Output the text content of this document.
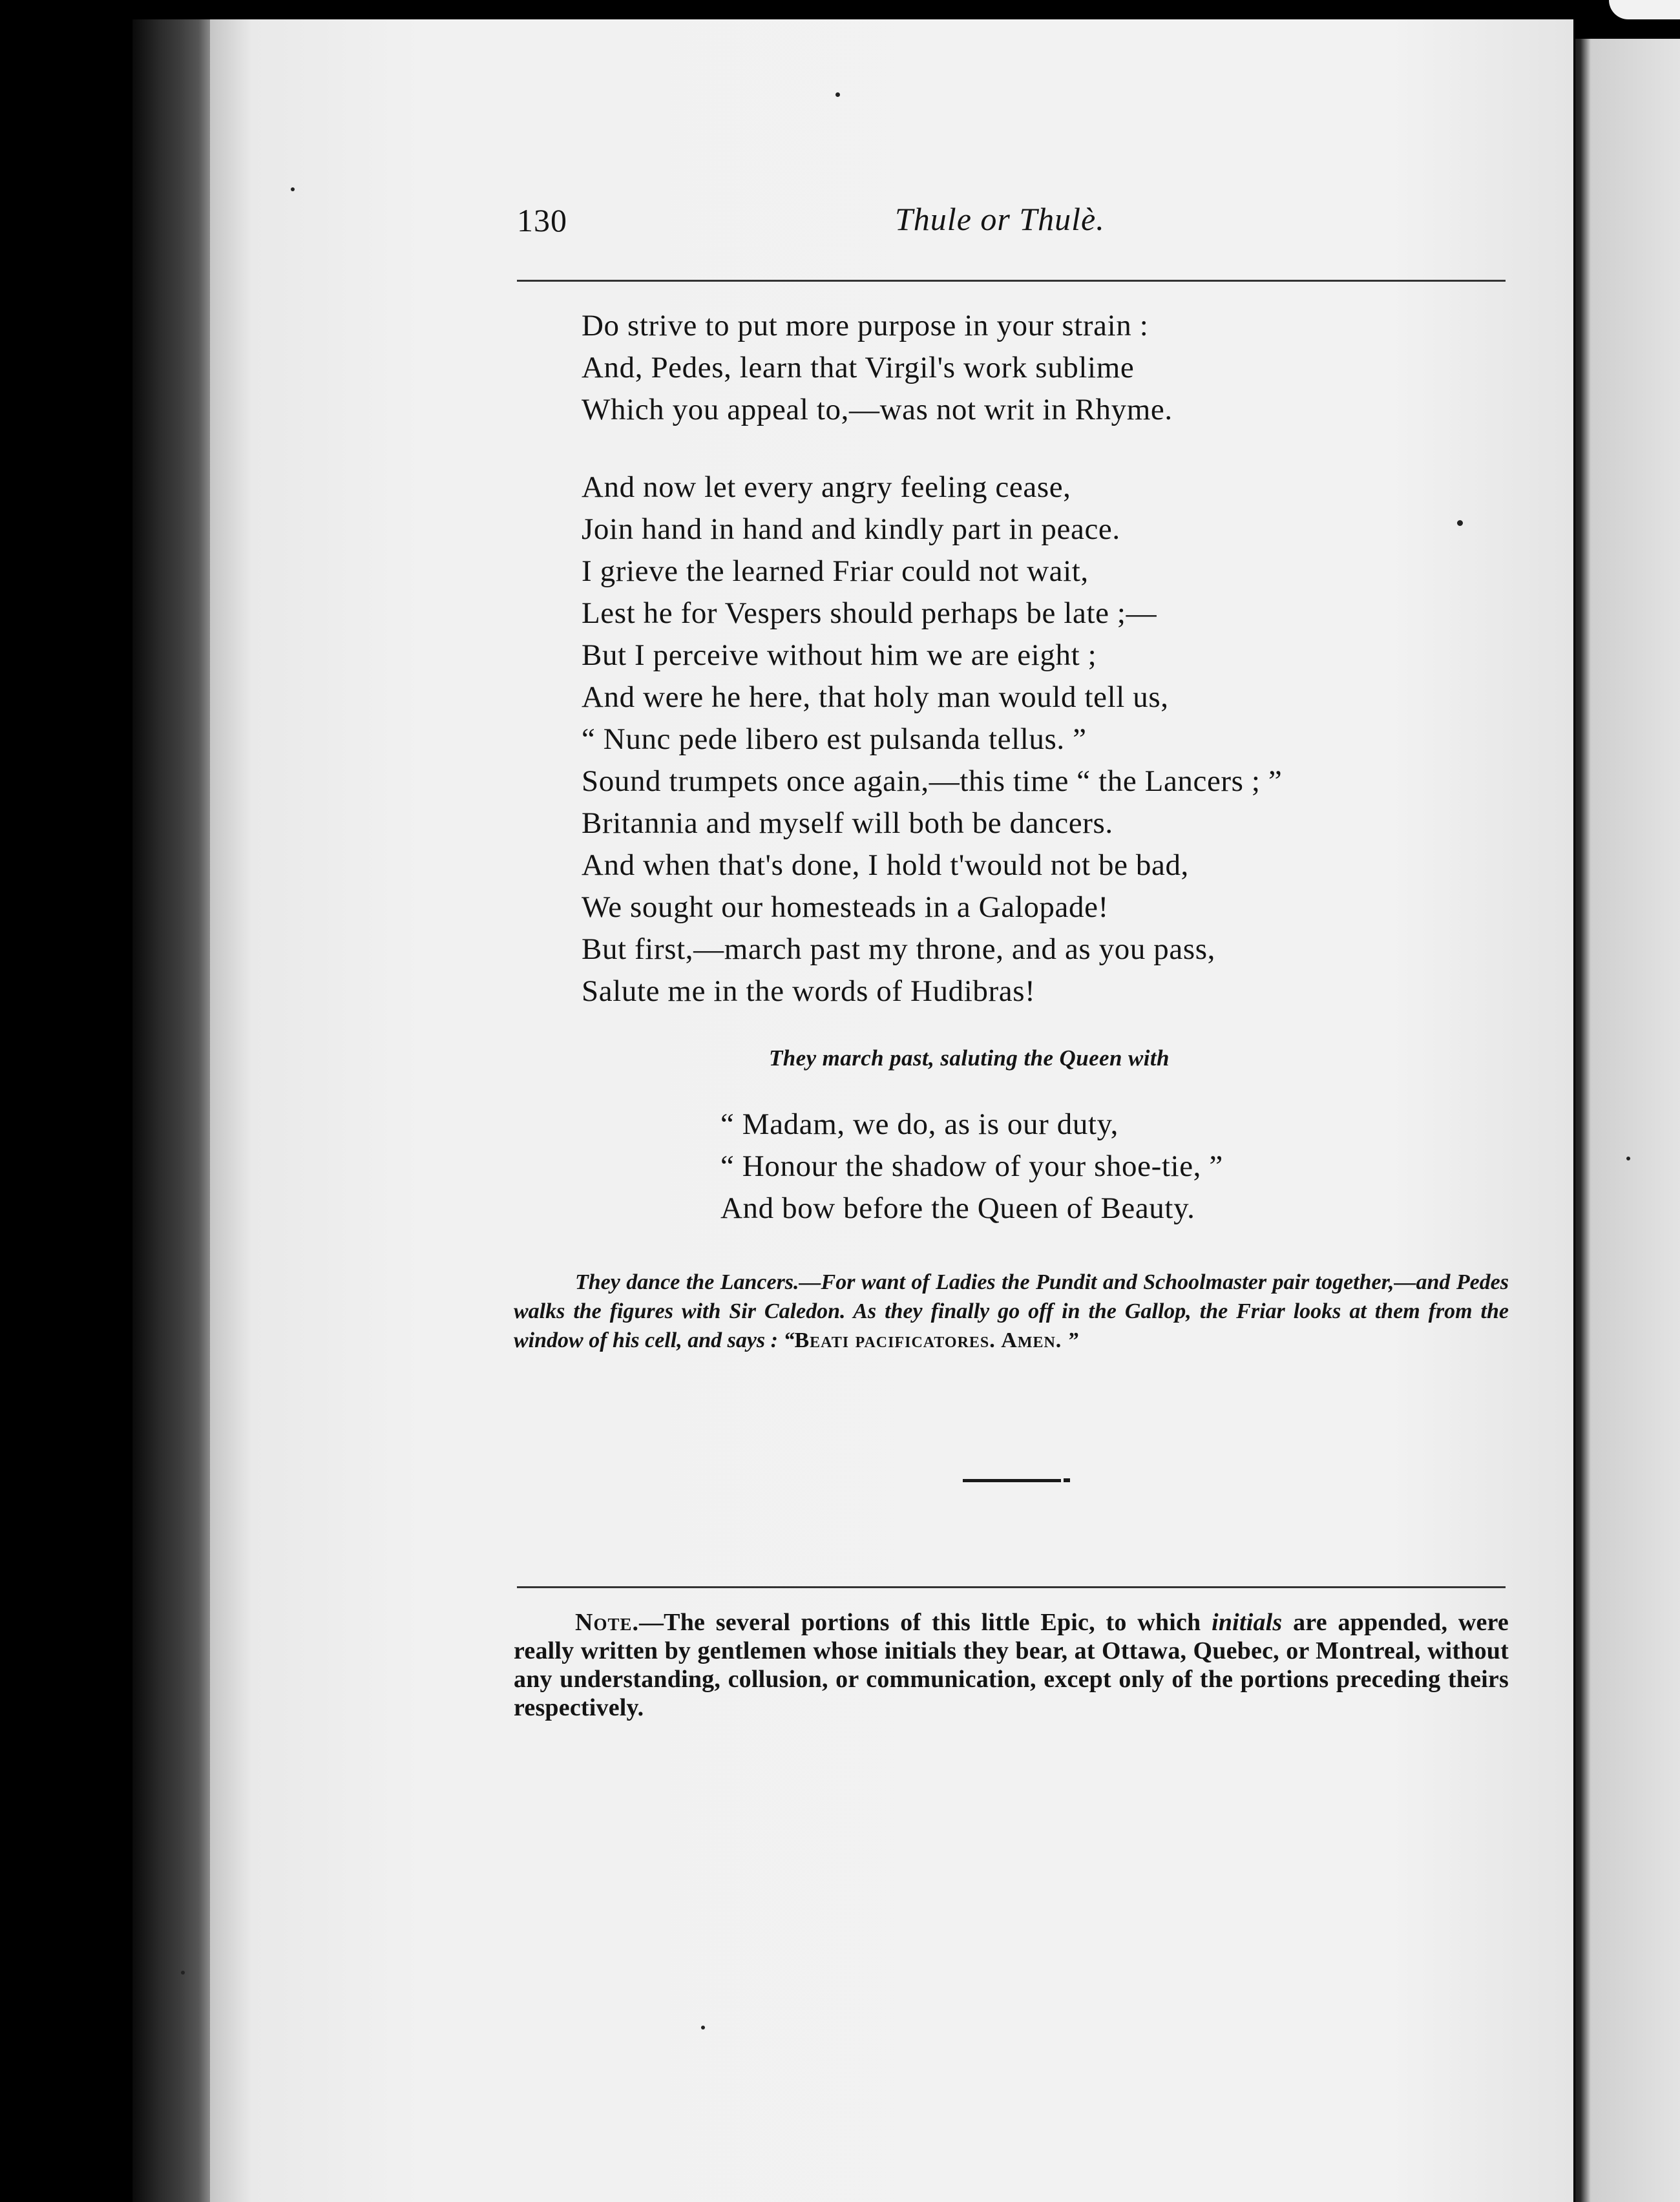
130	Thule or Thulè.
Do strive to put more purpose in your strain :
And, Pedes, learn that Virgil's work sublime
Which you appeal to,—was not writ in Rhyme.
And now let every angry feeling cease,
Join hand in hand and kindly part in peace.
I grieve the learned Friar could not wait,
Lest he for Vespers should perhaps be late ;—
But I perceive without him we are eight ;
And were he here, that holy man would tell us,
“ Nunc pede libero est pulsanda tellus. ”
Sound trumpets once again,—this time “ the Lancers ; ”
Britannia and myself will both be dancers.
And when that's done, I hold t'would not be bad,
We sought our homesteads in a Galopade!
But first,—march past my throne, and as you pass,
Salute me in the words of Hudibras!
They march past, saluting the Queen with
“ Madam, we do, as is our duty,
“ Honour the shadow of your shoe-tie, ”
And bow before the Queen of Beauty.

They dance the Lancers.—For want of Ladies the Pundit and Schoolmaster pair together,—and Pedes walks the figures with Sir Caledon. As they finally go off in the Gallop, the Friar looks at them from the window of his cell, and says : “Beati pacificatores. Amen. ”

Note.—The several portions of this little Epic, to which initials are appended, were really written by gentlemen whose initials they bear, at Ottawa, Quebec, or Montreal, without any understanding, collusion, or communication, except only of the portions preceding theirs respectively.
